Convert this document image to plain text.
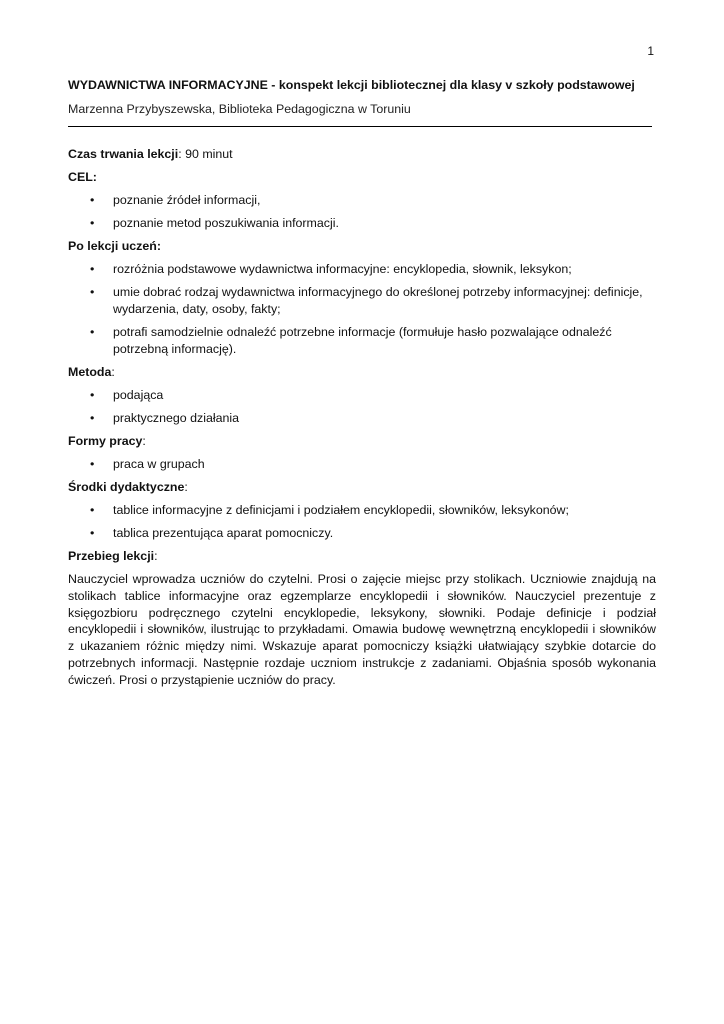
1

WYDAWNICTWA INFORMACYJNE - konspekt lekcji bibliotecznej dla klasy v szkoły podstawowej

Marzenna Przybyszewska, Biblioteka Pedagogiczna w Toruniu

Czas trwania lekcji: 90 minut

CEL:

• poznanie źródeł informacji,
• poznanie metod poszukiwania informacji.

Po lekcji uczeń:

• rozróżnia podstawowe wydawnictwa informacyjne: encyklopedia, słownik, leksykon;
• umie dobrać rodzaj wydawnictwa informacyjnego do określonej potrzeby informacyjnej: definicje, wydarzenia, daty, osoby, fakty;
• potrafi samodzielnie odnaleźć potrzebne informacje (formułuje hasło pozwalające odnaleźć potrzebną informację).

Metoda:

• podająca
• praktycznego działania

Formy pracy:

• praca w grupach

Środki dydaktyczne:

• tablice informacyjne z definicjami i podziałem encyklopedii, słowników, leksykonów;
• tablica prezentująca aparat pomocniczy.

Przebieg lekcji:

Nauczyciel wprowadza uczniów do czytelni. Prosi o zajęcie miejsc przy stolikach. Uczniowie znajdują na stolikach tablice informacyjne oraz egzemplarze encyklopedii i słowników. Nauczyciel prezentuje z księgozbioru podręcznego czytelni encyklopedie, leksykony, słowniki. Podaje definicje i podział encyklopedii i słowników, ilustrując to przykładami. Omawia budowę wewnętrzną encyklopedii i słowników z ukazaniem różnic między nimi. Wskazuje aparat pomocniczy książki ułatwiający szybkie dotarcie do potrzebnych informacji. Następnie rozdaje uczniom instrukcje z zadaniami. Objaśnia sposób wykonania ćwiczeń. Prosi o przystąpienie uczniów do pracy.
